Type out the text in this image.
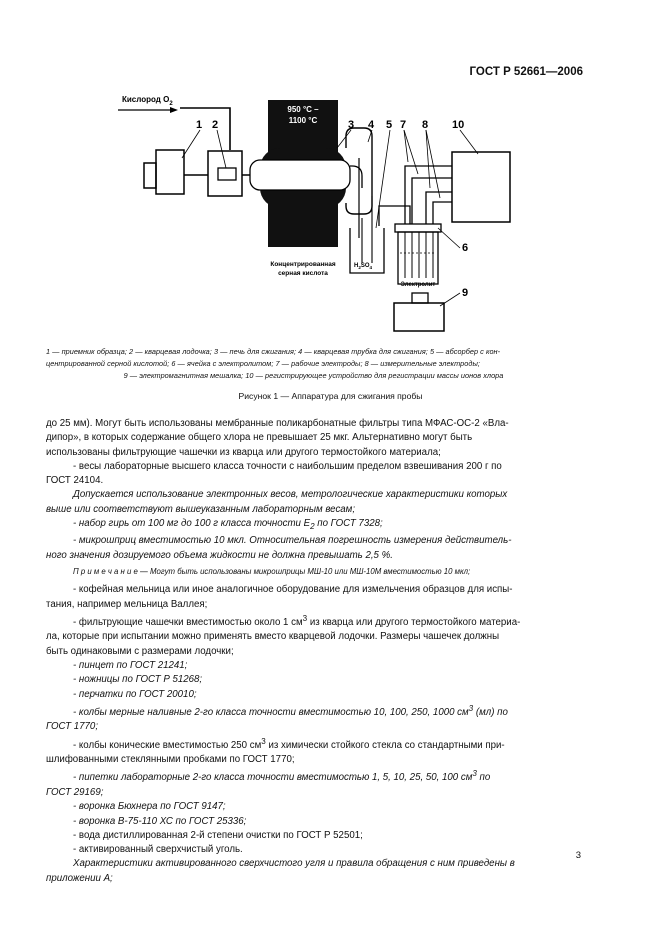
ГОСТ Р 52661—2006
Кислород $O_2$
950 °С –
1100 °С
Концентрированная
серная кислота
$H_2SO_4$
Электролит
1 2	3 4 5 7 8 10
6
9
1 — приемник образца; 2 — кварцевая лодочка; 3 — печь для сжигания; 4 — кварцевая трубка для сжигания; 5 — абсорбер с кон-
центрированной серной кислотой; 6 — ячейка с электролитом; 7 — рабочие электроды; 8 — измерительные электроды;
9 — электромагнитная мешалка; 10 — регистрирующее устройство для регистрации массы ионов хлора
Рисунок 1 — Аппаратура для сжигания пробы

до 25 мм). Могут быть использованы мембранные поликарбонатные фильтры типа МФАС-ОС-2 «Вла-
дипор», в которых содержание общего хлора не превышает 25 мкг. Альтернативно могут быть
использованы фильтрующие чашечки из кварца или другого термостойкого материала;

- весы лабораторные высшего класса точности с наибольшим пределом взвешивания 200 г по
ГОСТ 24104.

Допускается использование электронных весов, метрологические характеристики которых
выше или соответствуют вышеуказанным лабораторным весам;

- набор гирь от 100 мг до 100 г класса точности $E_2$ по ГОСТ 7328;

- микрошприц вместимостью 10 мкл. Относительная погрешность измерения действитель-
ного значения дозируемого объема жидкости не должна превышать 2,5 %.

П р и м е ч а н и е — Могут быть использованы микрошприцы МШ-10 или МШ-10М вместимостью 10 мкл;

- кофейная мельница или иное аналогичное оборудование для измельчения образцов для испы-
тания, например мельница Валлея;

- фильтрующие чашечки вместимостью около 1 $см^3$ из кварца или другого термостойкого материа-
ла, которые при испытании можно применять вместо кварцевой лодочки. Размеры чашечек должны
быть одинаковыми с размерами лодочки;

- пинцет по ГОСТ 21241;

- ножницы по ГОСТ Р 51268;

- перчатки по ГОСТ 20010;

- колбы мерные наливные 2-го класса точности вместимостью 10, 100, 250, 1000 $см^3$ (мл) по
ГОСТ 1770;

- колбы конические вместимостью 250 $см^3$ из химически стойкого стекла со стандартными при-
шлифованными стеклянными пробками по ГОСТ 1770;

- пипетки лабораторные 2-го класса точности вместимостью 1, 5, 10, 25, 50, 100 $см^3$ по
ГОСТ 29169;

- воронка Бюхнера по ГОСТ 9147;

- воронка В-75-110 ХС по ГОСТ 25336;

- вода дистиллированная 2-й степени очистки по ГОСТ Р 52501;

- активированный сверхчистый уголь.

Характеристики активированного сверхчистого угля и правила обращения с ним приведены в
приложении А;

3
